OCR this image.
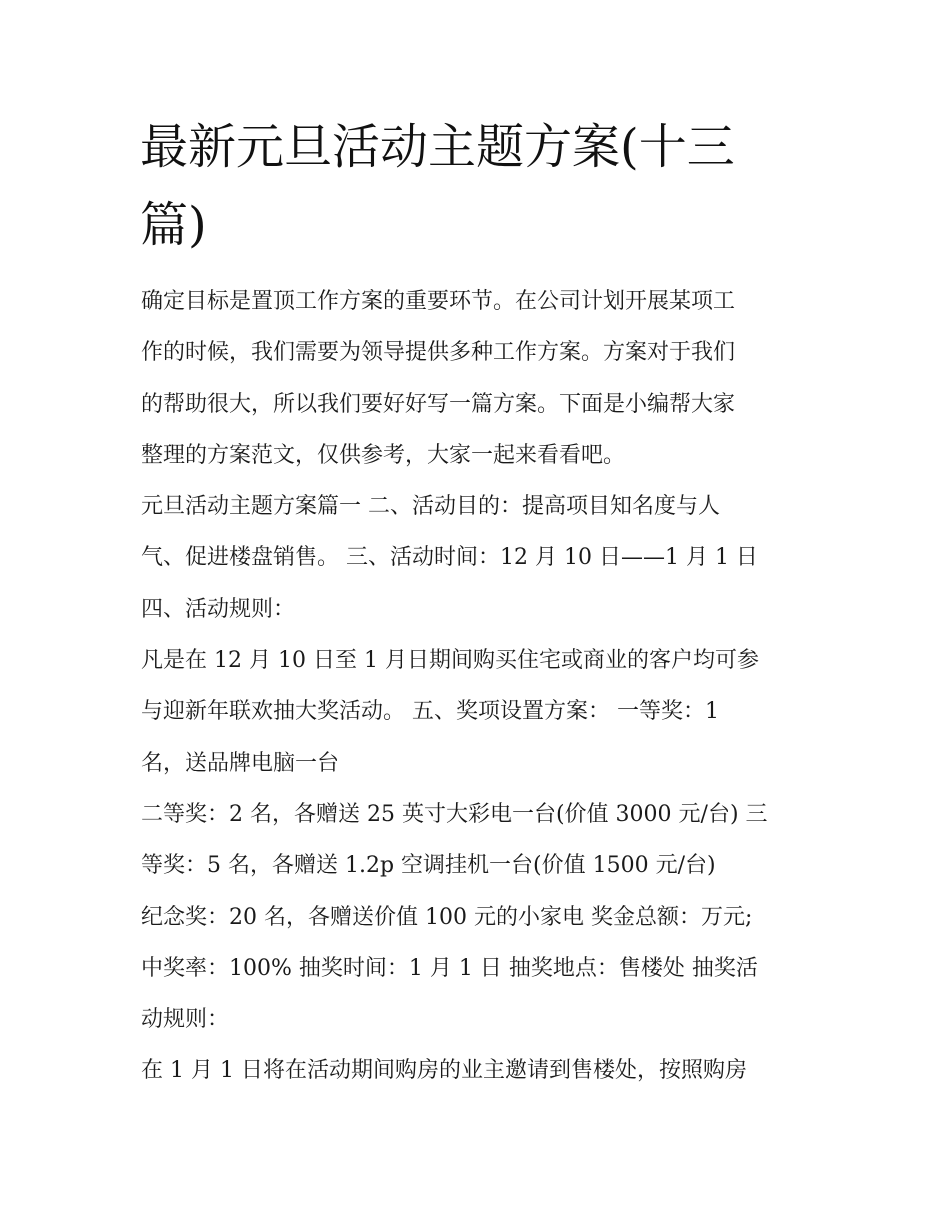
最新元旦活动主题方案(十三
篇)
确定目标是置顶工作方案的重要环节。在公司计划开展某项工
作的时候，我们需要为领导提供多种工作方案。方案对于我们
的帮助很大，所以我们要好好写一篇方案。下面是小编帮大家
整理的方案范文，仅供参考，大家一起来看看吧。
元旦活动主题方案篇一 二、活动目的：提高项目知名度与人
气、促进楼盘销售。 三、活动时间：12 月 10 日——1 月 1 日
四、活动规则：
凡是在 12 月 10 日至 1 月日期间购买住宅或商业的客户均可参
与迎新年联欢抽大奖活动。 五、奖项设置方案： 一等奖：1
名，送品牌电脑一台
二等奖：2 名，各赠送 25 英寸大彩电一台(价值 3000 元/台) 三
等奖：5 名，各赠送 1.2p 空调挂机一台(价值 1500 元/台)
纪念奖：20 名，各赠送价值 100 元的小家电 奖金总额：万元;
中奖率：100% 抽奖时间：1 月 1 日 抽奖地点：售楼处 抽奖活
动规则：
在 1 月 1 日将在活动期间购房的业主邀请到售楼处，按照购房
